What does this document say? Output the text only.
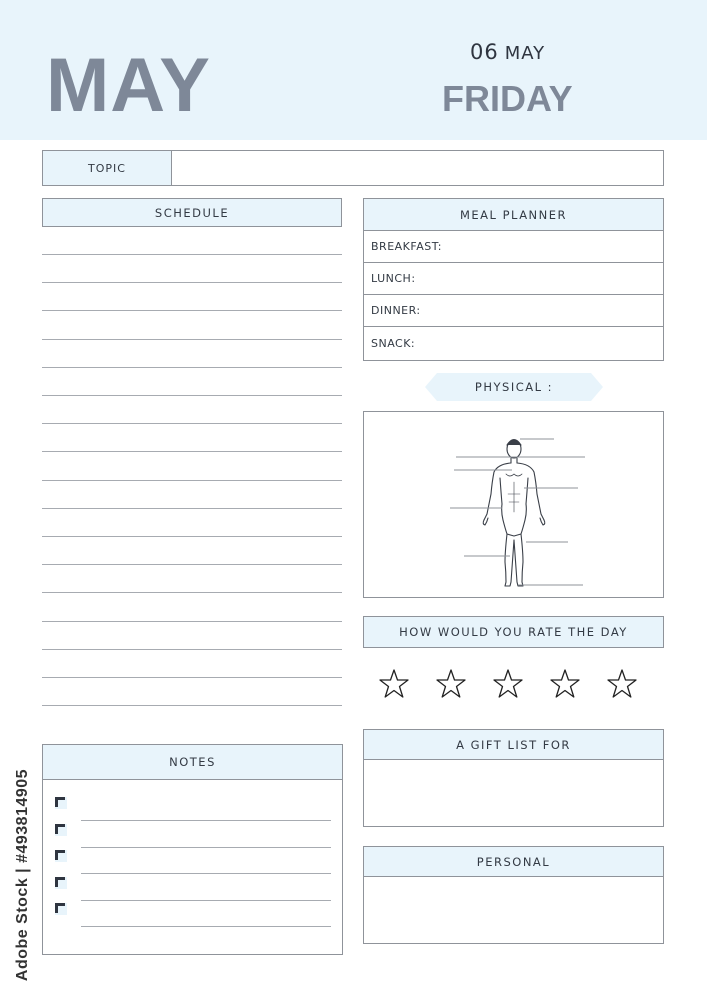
MAY	06 MAY
FRIDAY
TOPIC
SCHEDULE	MEAL PLANNER
BREAKFAST:
LUNCH:
DINNER:
SNACK:
PHYSICAL :
HOW WOULD YOU RATE THE DAY
A GIFT LIST FOR
PERSONAL
NOTES
Adobe Stock | #493814905
